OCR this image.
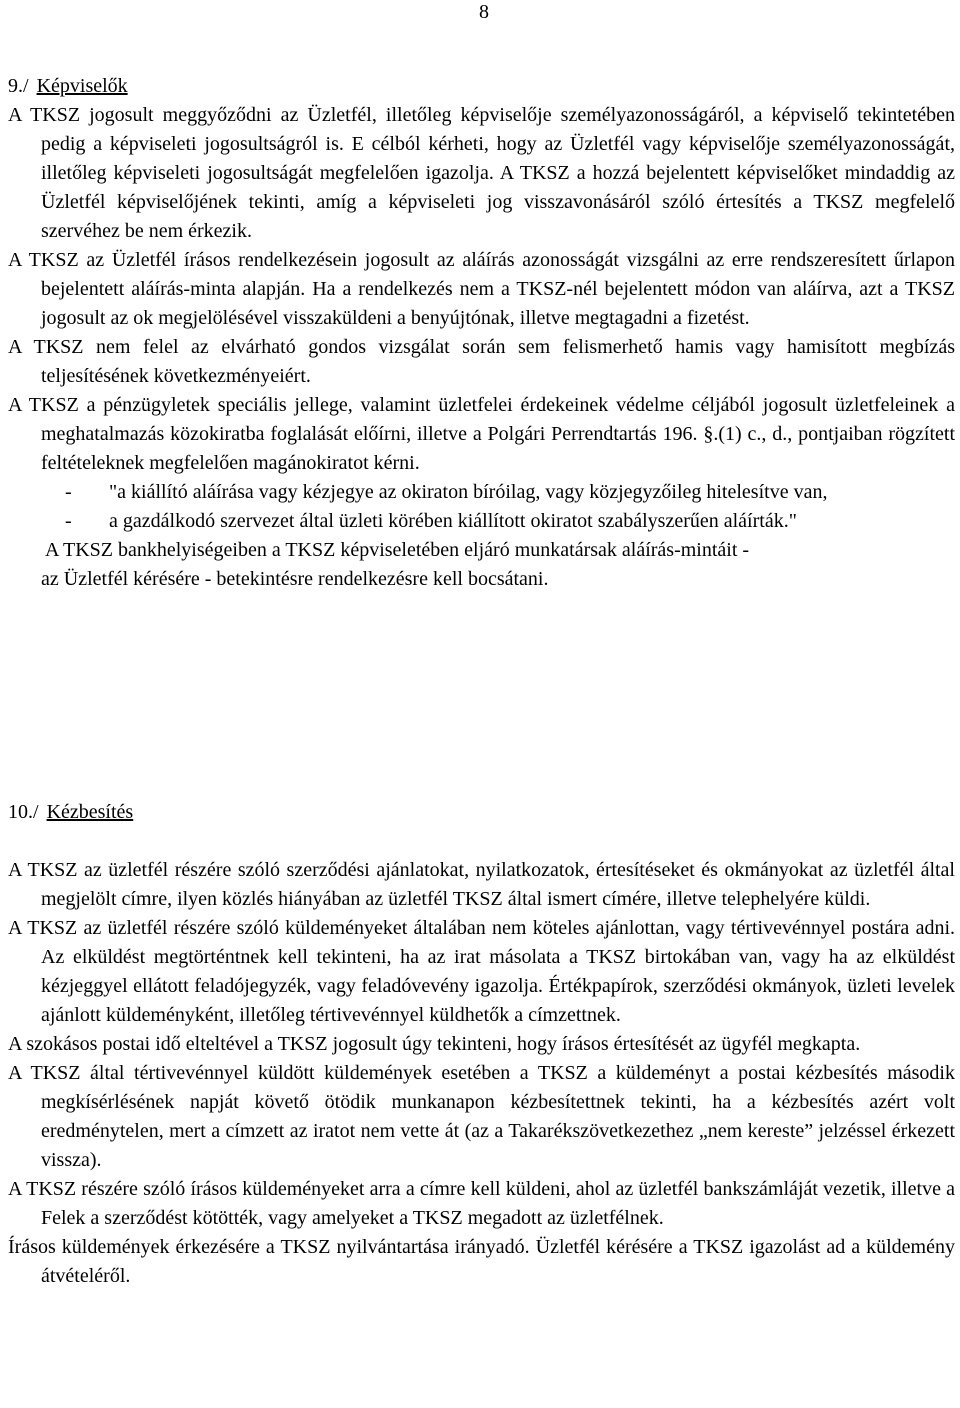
8
9./ Képviselők

A TKSZ jogosult meggyőződni az Üzletfél, illetőleg képviselője személyazonosságáról, a képviselő tekintetében pedig a képviseleti jogosultságról is. E célból kérheti, hogy az Üzletfél vagy képviselője személyazonosságát, illetőleg képviseleti jogosultságát megfelelően igazolja. A TKSZ a hozzá bejelentett képviselőket mindaddig az Üzletfél képviselőjének tekinti, amíg a képviseleti jog visszavonásáról szóló értesítés a TKSZ megfelelő szervéhez be nem érkezik.

A TKSZ az Üzletfél írásos rendelkezésein jogosult az aláírás azonosságát vizsgálni az erre rendszeresített űrlapon bejelentett aláírás-minta alapján. Ha a rendelkezés nem a TKSZ-nél bejelentett módon van aláírva, azt a TKSZ jogosult az ok megjelölésével visszaküldeni a benyújtónak, illetve megtagadni a fizetést.

A TKSZ nem felel az elvárható gondos vizsgálat során sem felismerhető hamis vagy hamisított megbízás teljesítésének következményeiért.

A TKSZ a pénzügyletek speciális jellege, valamint üzletfelei érdekeinek védelme céljából jogosult üzletfeleinek a meghatalmazás közokiratba foglalását előírni, illetve a Polgári Perrendtartás 196. §.(1) c., d., pontjaiban rögzített feltételeknek megfelelően magánokiratot kérni.

- "a kiállító aláírása vagy kézjegye az okiraton bíróilag, vagy közjegyzőileg hitelesítve van,

- a gazdálkodó szervezet által üzleti körében kiállított okiratot szabályszerűen aláírták."

A TKSZ bankhelyiségeiben a TKSZ képviseletében eljáró munkatársak aláírás-mintáit -

az Üzletfél kérésére - betekintésre rendelkezésre kell bocsátani.

10./ Kézbesítés

A TKSZ az üzletfél részére szóló szerződési ajánlatokat, nyilatkozatok, értesítéseket és okmányokat az üzletfél által megjelölt címre, ilyen közlés hiányában az üzletfél TKSZ által ismert címére, illetve telephelyére küldi.

A TKSZ az üzletfél részére szóló küldeményeket általában nem köteles ajánlottan, vagy tértivevénnyel postára adni. Az elküldést megtörténtnek kell tekinteni, ha az irat másolata a TKSZ birtokában van, vagy ha az elküldést kézjeggyel ellátott feladójegyzék, vagy feladóvevény igazolja. Értékpapírok, szerződési okmányok, üzleti levelek ajánlott küldeményként, illetőleg tértivevénnyel küldhetők a címzettnek.

A szokásos postai idő elteltével a TKSZ jogosult úgy tekinteni, hogy írásos értesítését az ügyfél megkapta.

A TKSZ által tértivevénnyel küldött küldemények esetében a TKSZ a küldeményt a postai kézbesítés második megkísérlésének napját követő ötödik munkanapon kézbesítettnek tekinti, ha a kézbesítés azért volt eredménytelen, mert a címzett az iratot nem vette át (az a Takarékszövetkezethez „nem kereste” jelzéssel érkezett vissza).

A TKSZ részére szóló írásos küldeményeket arra a címre kell küldeni, ahol az üzletfél bankszámláját vezetik, illetve a Felek a szerződést kötötték, vagy amelyeket a TKSZ megadott az üzletfélnek.

Írásos küldemények érkezésére a TKSZ nyilvántartása irányadó. Üzletfél kérésére a TKSZ igazolást ad a küldemény átvételéről.
